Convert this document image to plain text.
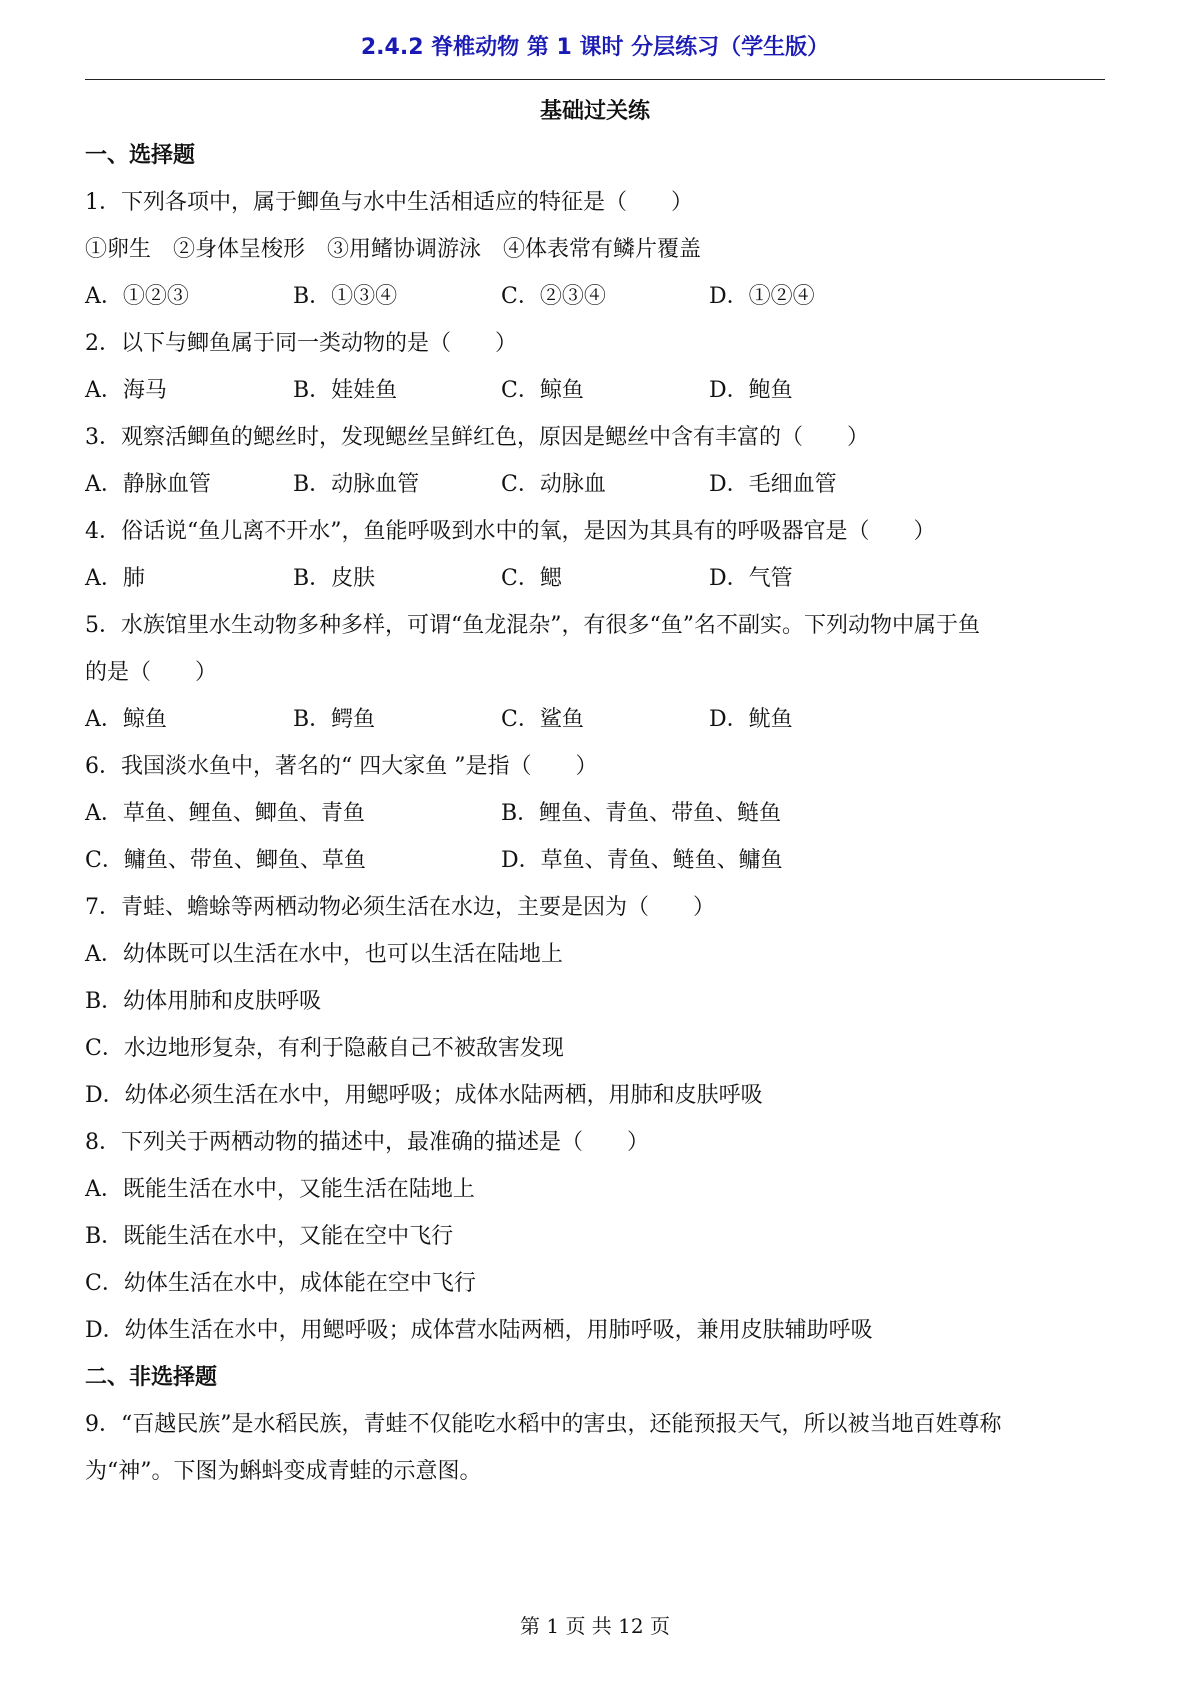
2.4.2 脊椎动物 第 1 课时 分层练习（学生版）
基础过关练
一、选择题
1．下列各项中，属于鲫鱼与水中生活相适应的特征是（　　）
①卵生　②身体呈梭形　③用鳍协调游泳　④体表常有鳞片覆盖
A．①②③	B．①③④	C．②③④	D．①②④
2．以下与鲫鱼属于同一类动物的是（　　）
A．海马	B．娃娃鱼	C．鲸鱼	D．鲍鱼
3．观察活鲫鱼的鳃丝时，发现鳃丝呈鲜红色，原因是鳃丝中含有丰富的（　　）
A．静脉血管	B．动脉血管	C．动脉血	D．毛细血管
4．俗话说“鱼儿离不开水”，鱼能呼吸到水中的氧，是因为其具有的呼吸器官是（　　）
A．肺	B．皮肤	C．鳃	D．气管
5．水族馆里水生动物多种多样，可谓“鱼龙混杂”，有很多“鱼”名不副实。下列动物中属于鱼
的是（　　）
A．鲸鱼	B．鳄鱼	C．鲨鱼	D．鱿鱼
6．我国淡水鱼中，著名的“ 四大家鱼 ”是指（　　）
A．草鱼、鲤鱼、鲫鱼、青鱼	B．鲤鱼、青鱼、带鱼、鲢鱼
C．鳙鱼、带鱼、鲫鱼、草鱼	D．草鱼、青鱼、鲢鱼、鳙鱼
7．青蛙、蟾蜍等两栖动物必须生活在水边，主要是因为（　　）
A．幼体既可以生活在水中，也可以生活在陆地上
B．幼体用肺和皮肤呼吸
C．水边地形复杂，有利于隐蔽自己不被敌害发现
D．幼体必须生活在水中，用鳃呼吸；成体水陆两栖，用肺和皮肤呼吸
8．下列关于两栖动物的描述中，最准确的描述是（　　）
A．既能生活在水中，又能生活在陆地上
B．既能生活在水中，又能在空中飞行
C．幼体生活在水中，成体能在空中飞行
D．幼体生活在水中，用鳃呼吸；成体营水陆两栖，用肺呼吸，兼用皮肤辅助呼吸
二、非选择题
9．“百越民族”是水稻民族，青蛙不仅能吃水稻中的害虫，还能预报天气，所以被当地百姓尊称
为“神”。下图为蝌蚪变成青蛙的示意图。
第 1 页 共 12 页
